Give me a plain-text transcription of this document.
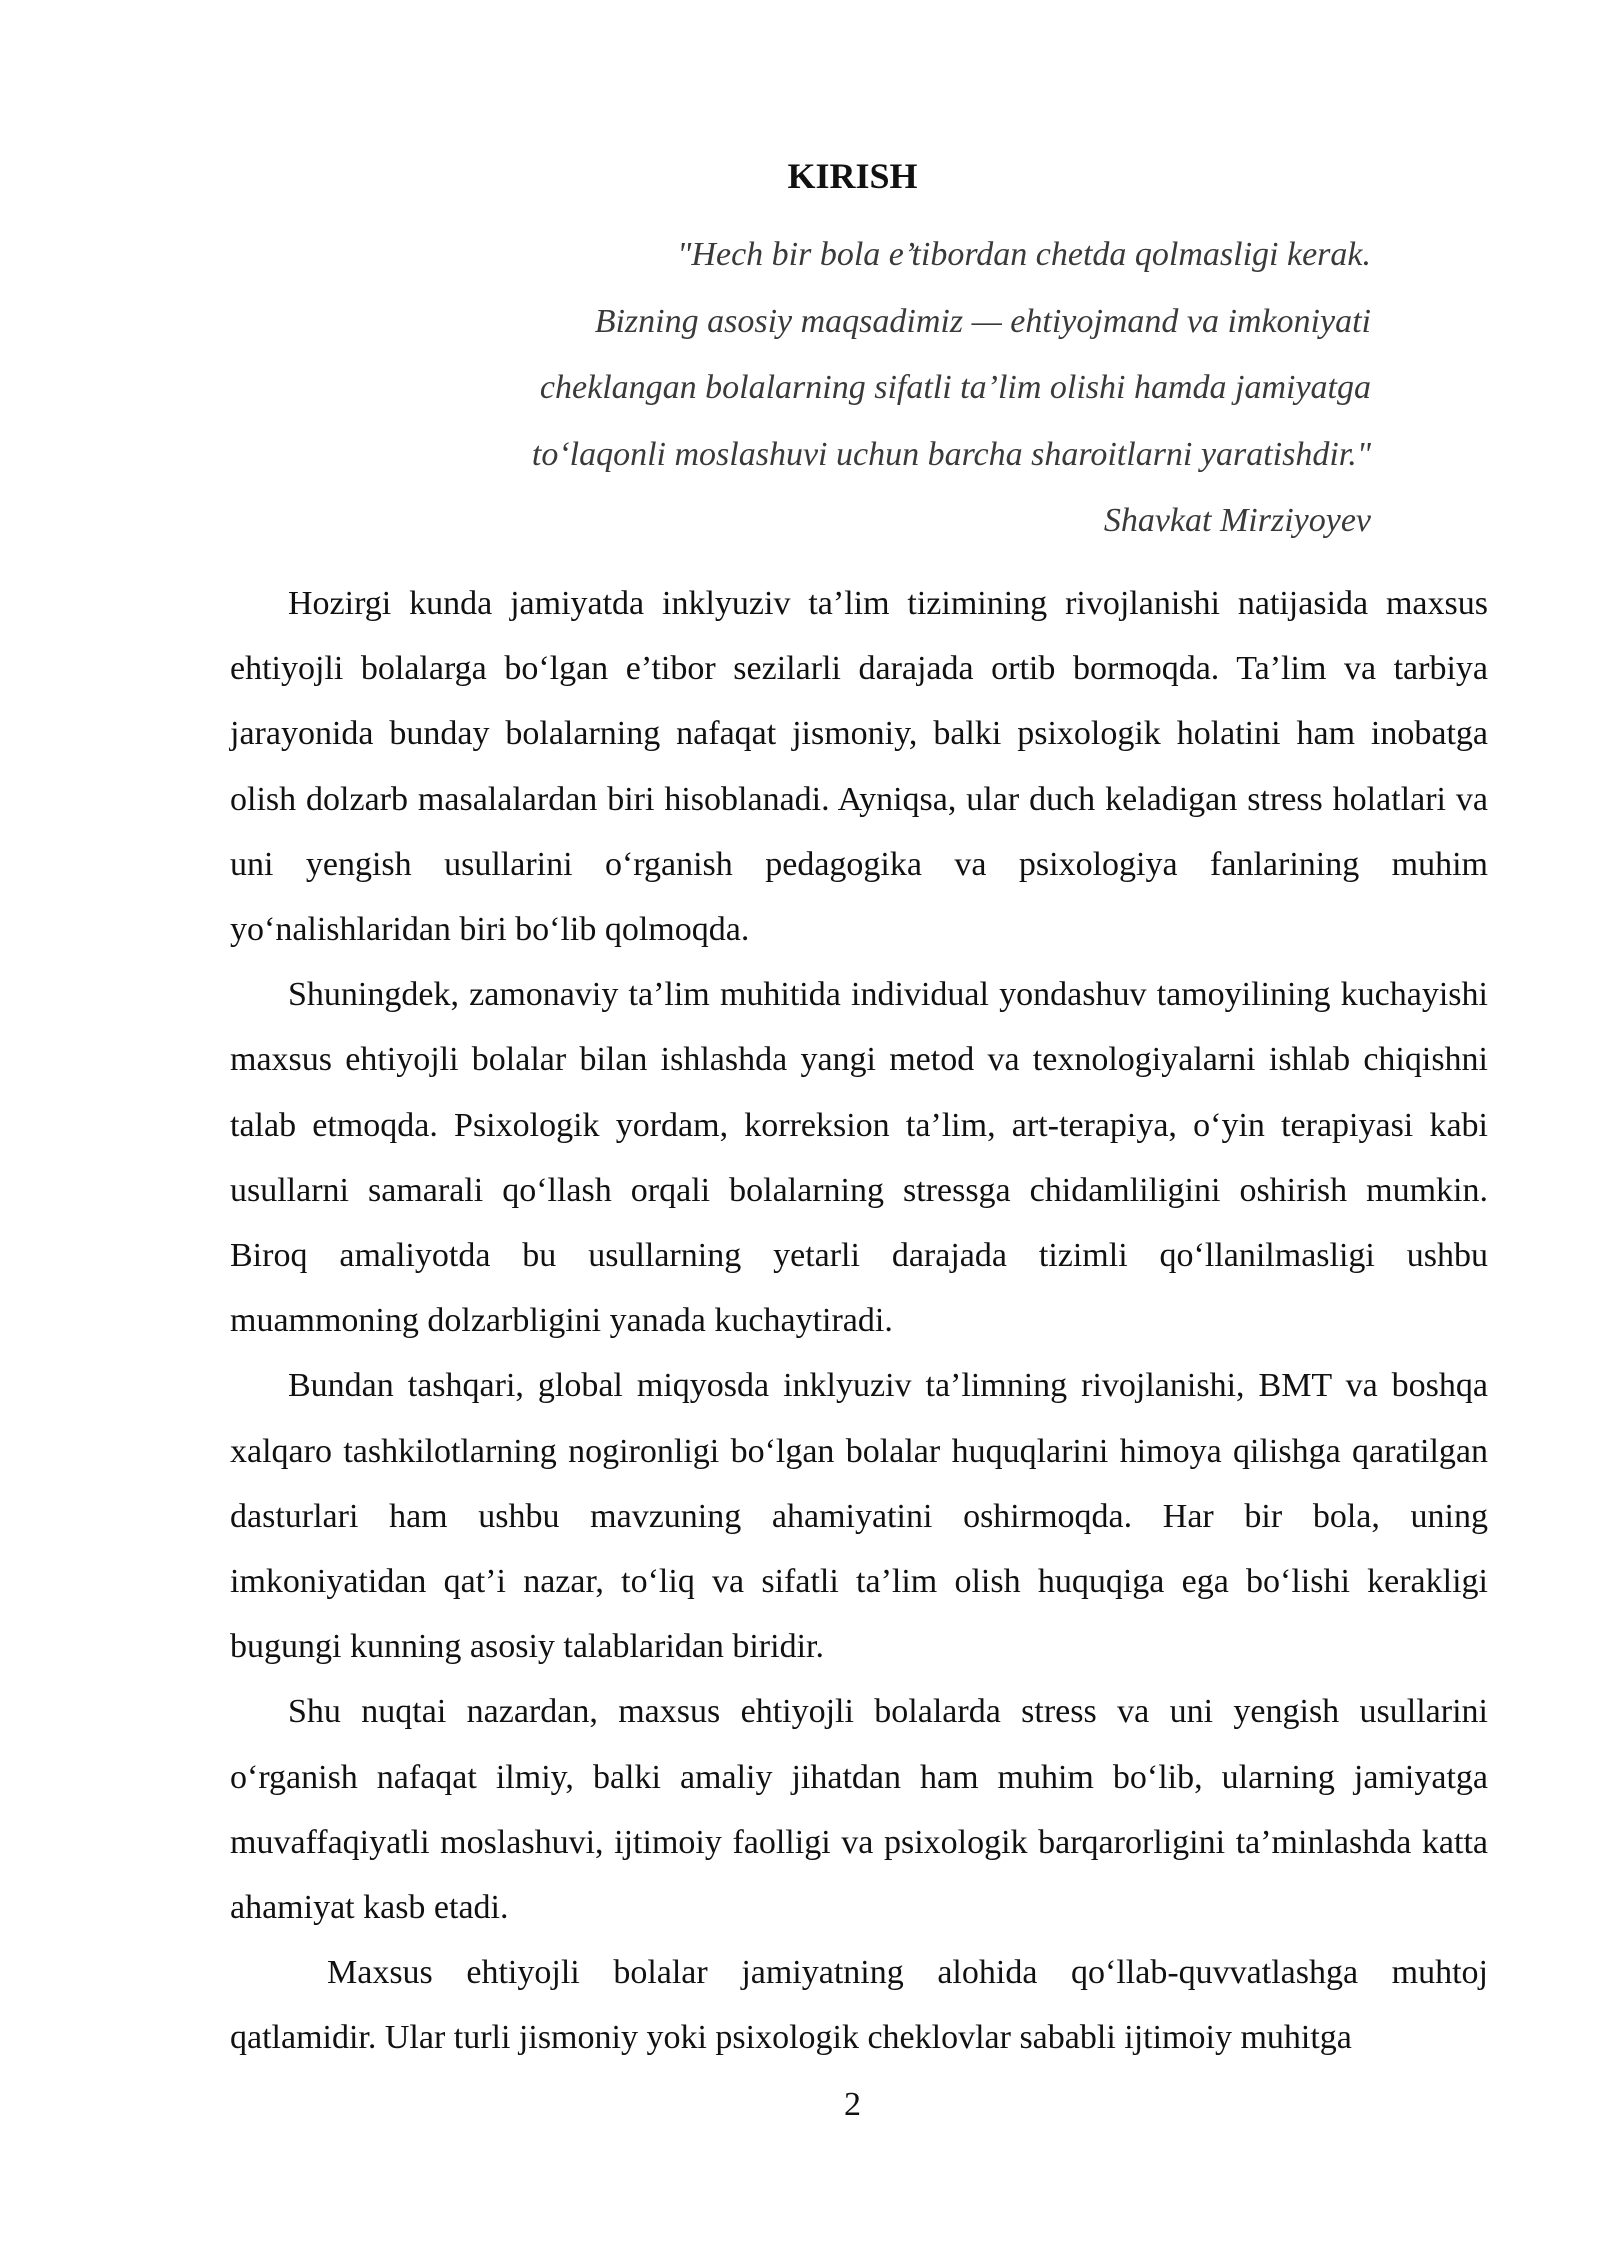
KIRISH
"Hech bir bola e’tibordan chetda qolmasligi kerak.
Bizning asosiy maqsadimiz — ehtiyojmand va imkoniyati
cheklangan bolalarning sifatli ta’lim olishi hamda jamiyatga
to‘laqonli moslashuvi uchun barcha sharoitlarni yaratishdir."
Shavkat Mirziyoyev

Hozirgi kunda jamiyatda inklyuziv ta’lim tizimining rivojlanishi natijasida maxsus ehtiyojli bolalarga bo‘lgan e’tibor sezilarli darajada ortib bormoqda. Ta’lim va tarbiya jarayonida bunday bolalarning nafaqat jismoniy, balki psixologik holatini ham inobatga olish dolzarb masalalardan biri hisoblanadi. Ayniqsa, ular duch keladigan stress holatlari va uni yengish usullarini o‘rganish pedagogika va psixologiya fanlarining muhim yo‘nalishlaridan biri bo‘lib qolmoqda.

Shuningdek, zamonaviy ta’lim muhitida individual yondashuv tamoyilining kuchayishi maxsus ehtiyojli bolalar bilan ishlashda yangi metod va texnologiyalarni ishlab chiqishni talab etmoqda. Psixologik yordam, korreksion ta’lim, art-terapiya, o‘yin terapiyasi kabi usullarni samarali qo‘llash orqali bolalarning stressga chidamliligini oshirish mumkin. Biroq amaliyotda bu usullarning yetarli darajada tizimli qo‘llanilmasligi ushbu muammoning dolzarbligini yanada kuchaytiradi.

Bundan tashqari, global miqyosda inklyuziv ta’limning rivojlanishi, BMT va boshqa xalqaro tashkilotlarning nogironligi bo‘lgan bolalar huquqlarini himoya qilishga qaratilgan dasturlari ham ushbu mavzuning ahamiyatini oshirmoqda. Har bir bola, uning imkoniyatidan qat’i nazar, to‘liq va sifatli ta’lim olish huquqiga ega bo‘lishi kerakligi bugungi kunning asosiy talablaridan biridir.

Shu nuqtai nazardan, maxsus ehtiyojli bolalarda stress va uni yengish usullarini o‘rganish nafaqat ilmiy, balki amaliy jihatdan ham muhim bo‘lib, ularning jamiyatga muvaffaqiyatli moslashuvi, ijtimoiy faolligi va psixologik barqarorligini ta’minlashda katta ahamiyat kasb etadi.

Maxsus ehtiyojli bolalar jamiyatning alohida qo‘llab-quvvatlashga muhtoj qatlamidir. Ular turli jismoniy yoki psixologik cheklovlar sababli ijtimoiy muhitga

2
